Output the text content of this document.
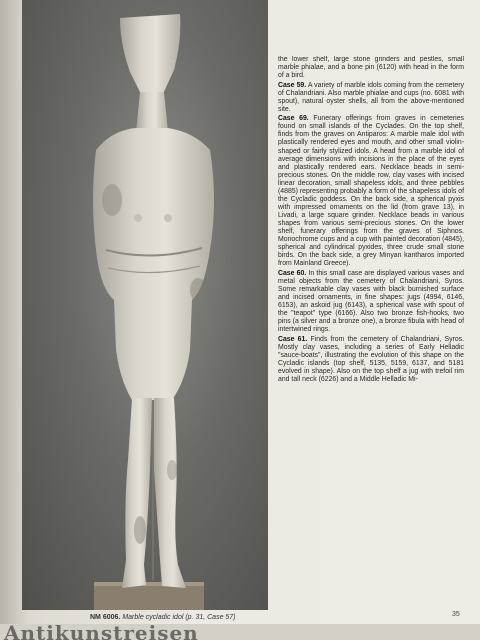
NM 6006. Marble cycladic idol (p. 31, Case 57)

the lower shelf, large stone grinders and pestles, small marble phialae, and a bone pin (6120) with head in the form of a bird.

Case 59. A variety of marble idols coming from the cemetery of Chalandriani. Also marble phialae and cups (no. 6081 with spout), natural oyster shells, all from the above-mentioned site.

Case 69. Funerary offerings from graves in cemeteries found on small islands of the Cyclades. On the top shelf, finds from the graves on Antiparos: A marble male idol with plastically rendered eyes and mouth, and other small violin-shaped or fairly stylized idols. A head from a marble idol of average dimensions with incisions in the place of the eyes and plastically rendered ears. Necklace beads in semi-precious stones. On the middle row, clay vases with incised linear decoration, small shapeless idols, and three pebbles (4885) representing probably a form of the shapeless idols of the Cycladic goddess. On the back side, a spherical pyxis with impressed ornaments on the lid (from grave 13), in Livadi, a large square grinder. Necklace beads in various shapes from various semi-precious stones. On the lower shelf, funerary offerings from the graves of Siphnos. Monochrome cups and a cup with painted decoration (4845), spherical and cylindrical pyxides, three crude small stone birds. On the back side, a grey Minyan kantharos imported from Mainland Greece).

Case 60. In this small case are displayed various vases and metal objects from the cemetery of Chalandriani, Syros. Some remarkable clay vases with black burnished surface and incised ornaments, in fine shapes: jugs (4994, 6146, 6153), an askoid jug (6143), a spherical vase with spout of the "teapot" type (6166). Also two bronze fish-hooks, two pins (a silver and a bronze one), a bronze fibula with head of intertwined rings.

Case 61. Finds from the cemetery of Chalandriani, Syros. Mostly clay vases, including a series of Early Helladic "sauce-boats", illustrating the evolution of this shape on the Cycladic islands (top shelf, 5135, 5159, 6137, and 5181 evolved in shape). Also on the top shelf a jug with trefoil rim and tall neck (6226) and a Middle Helladic Mi-

35
Antikunstreisen
